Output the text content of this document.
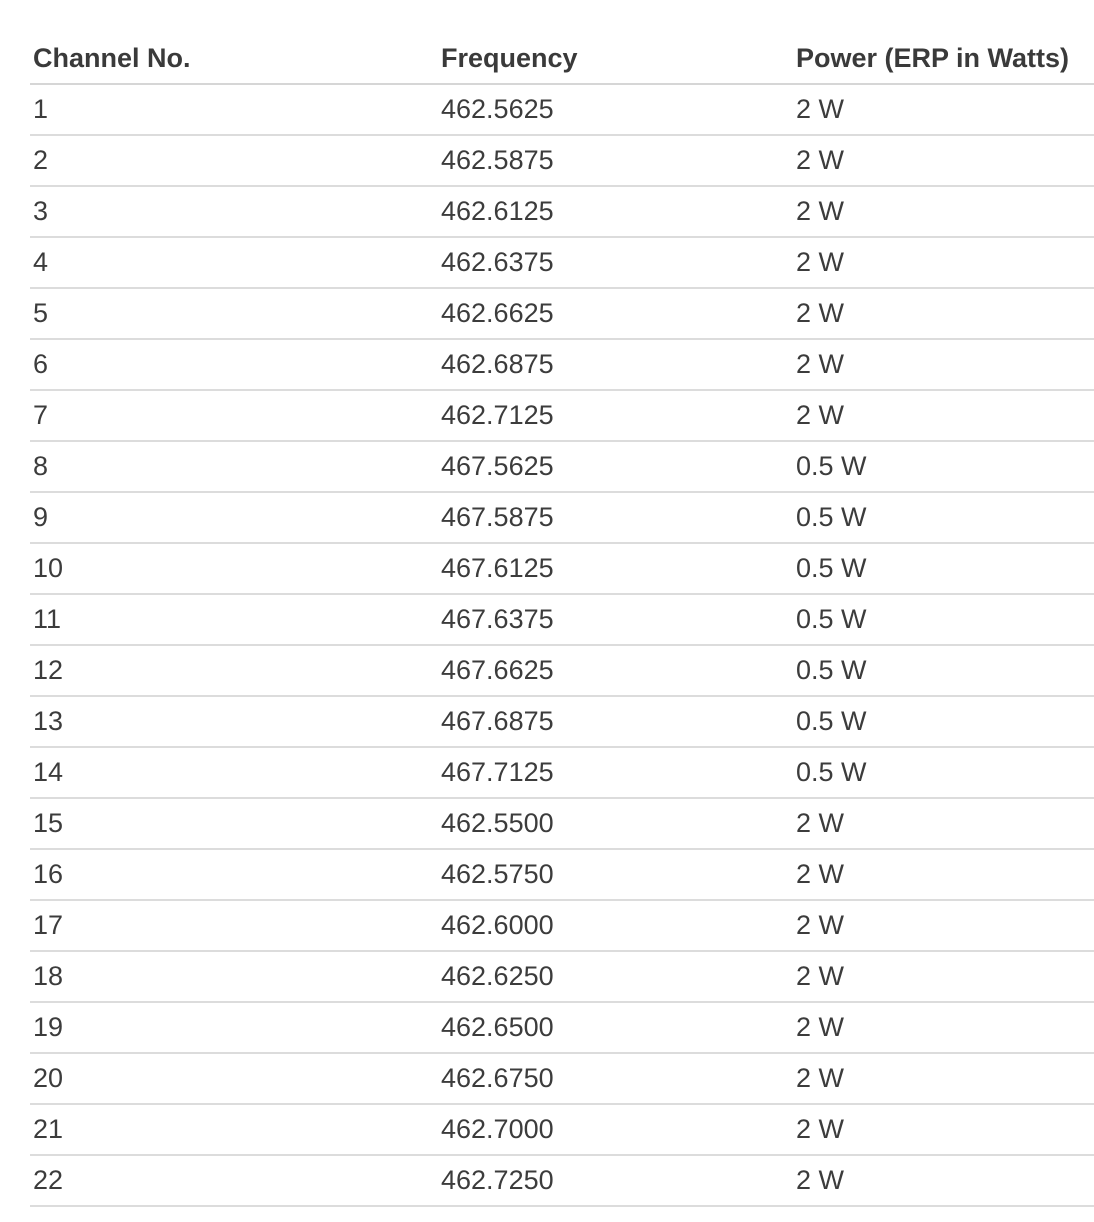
Channel No.	Frequency	Power (ERP in Watts)
1	462.5625	2 W
2	462.5875	2 W
3	462.6125	2 W
4	462.6375	2 W
5	462.6625	2 W
6	462.6875	2 W
7	462.7125	2 W
8	467.5625	0.5 W
9	467.5875	0.5 W
10	467.6125	0.5 W
11	467.6375	0.5 W
12	467.6625	0.5 W
13	467.6875	0.5 W
14	467.7125	0.5 W
15	462.5500	2 W
16	462.5750	2 W
17	462.6000	2 W
18	462.6250	2 W
19	462.6500	2 W
20	462.6750	2 W
21	462.7000	2 W
22	462.7250	2 W
